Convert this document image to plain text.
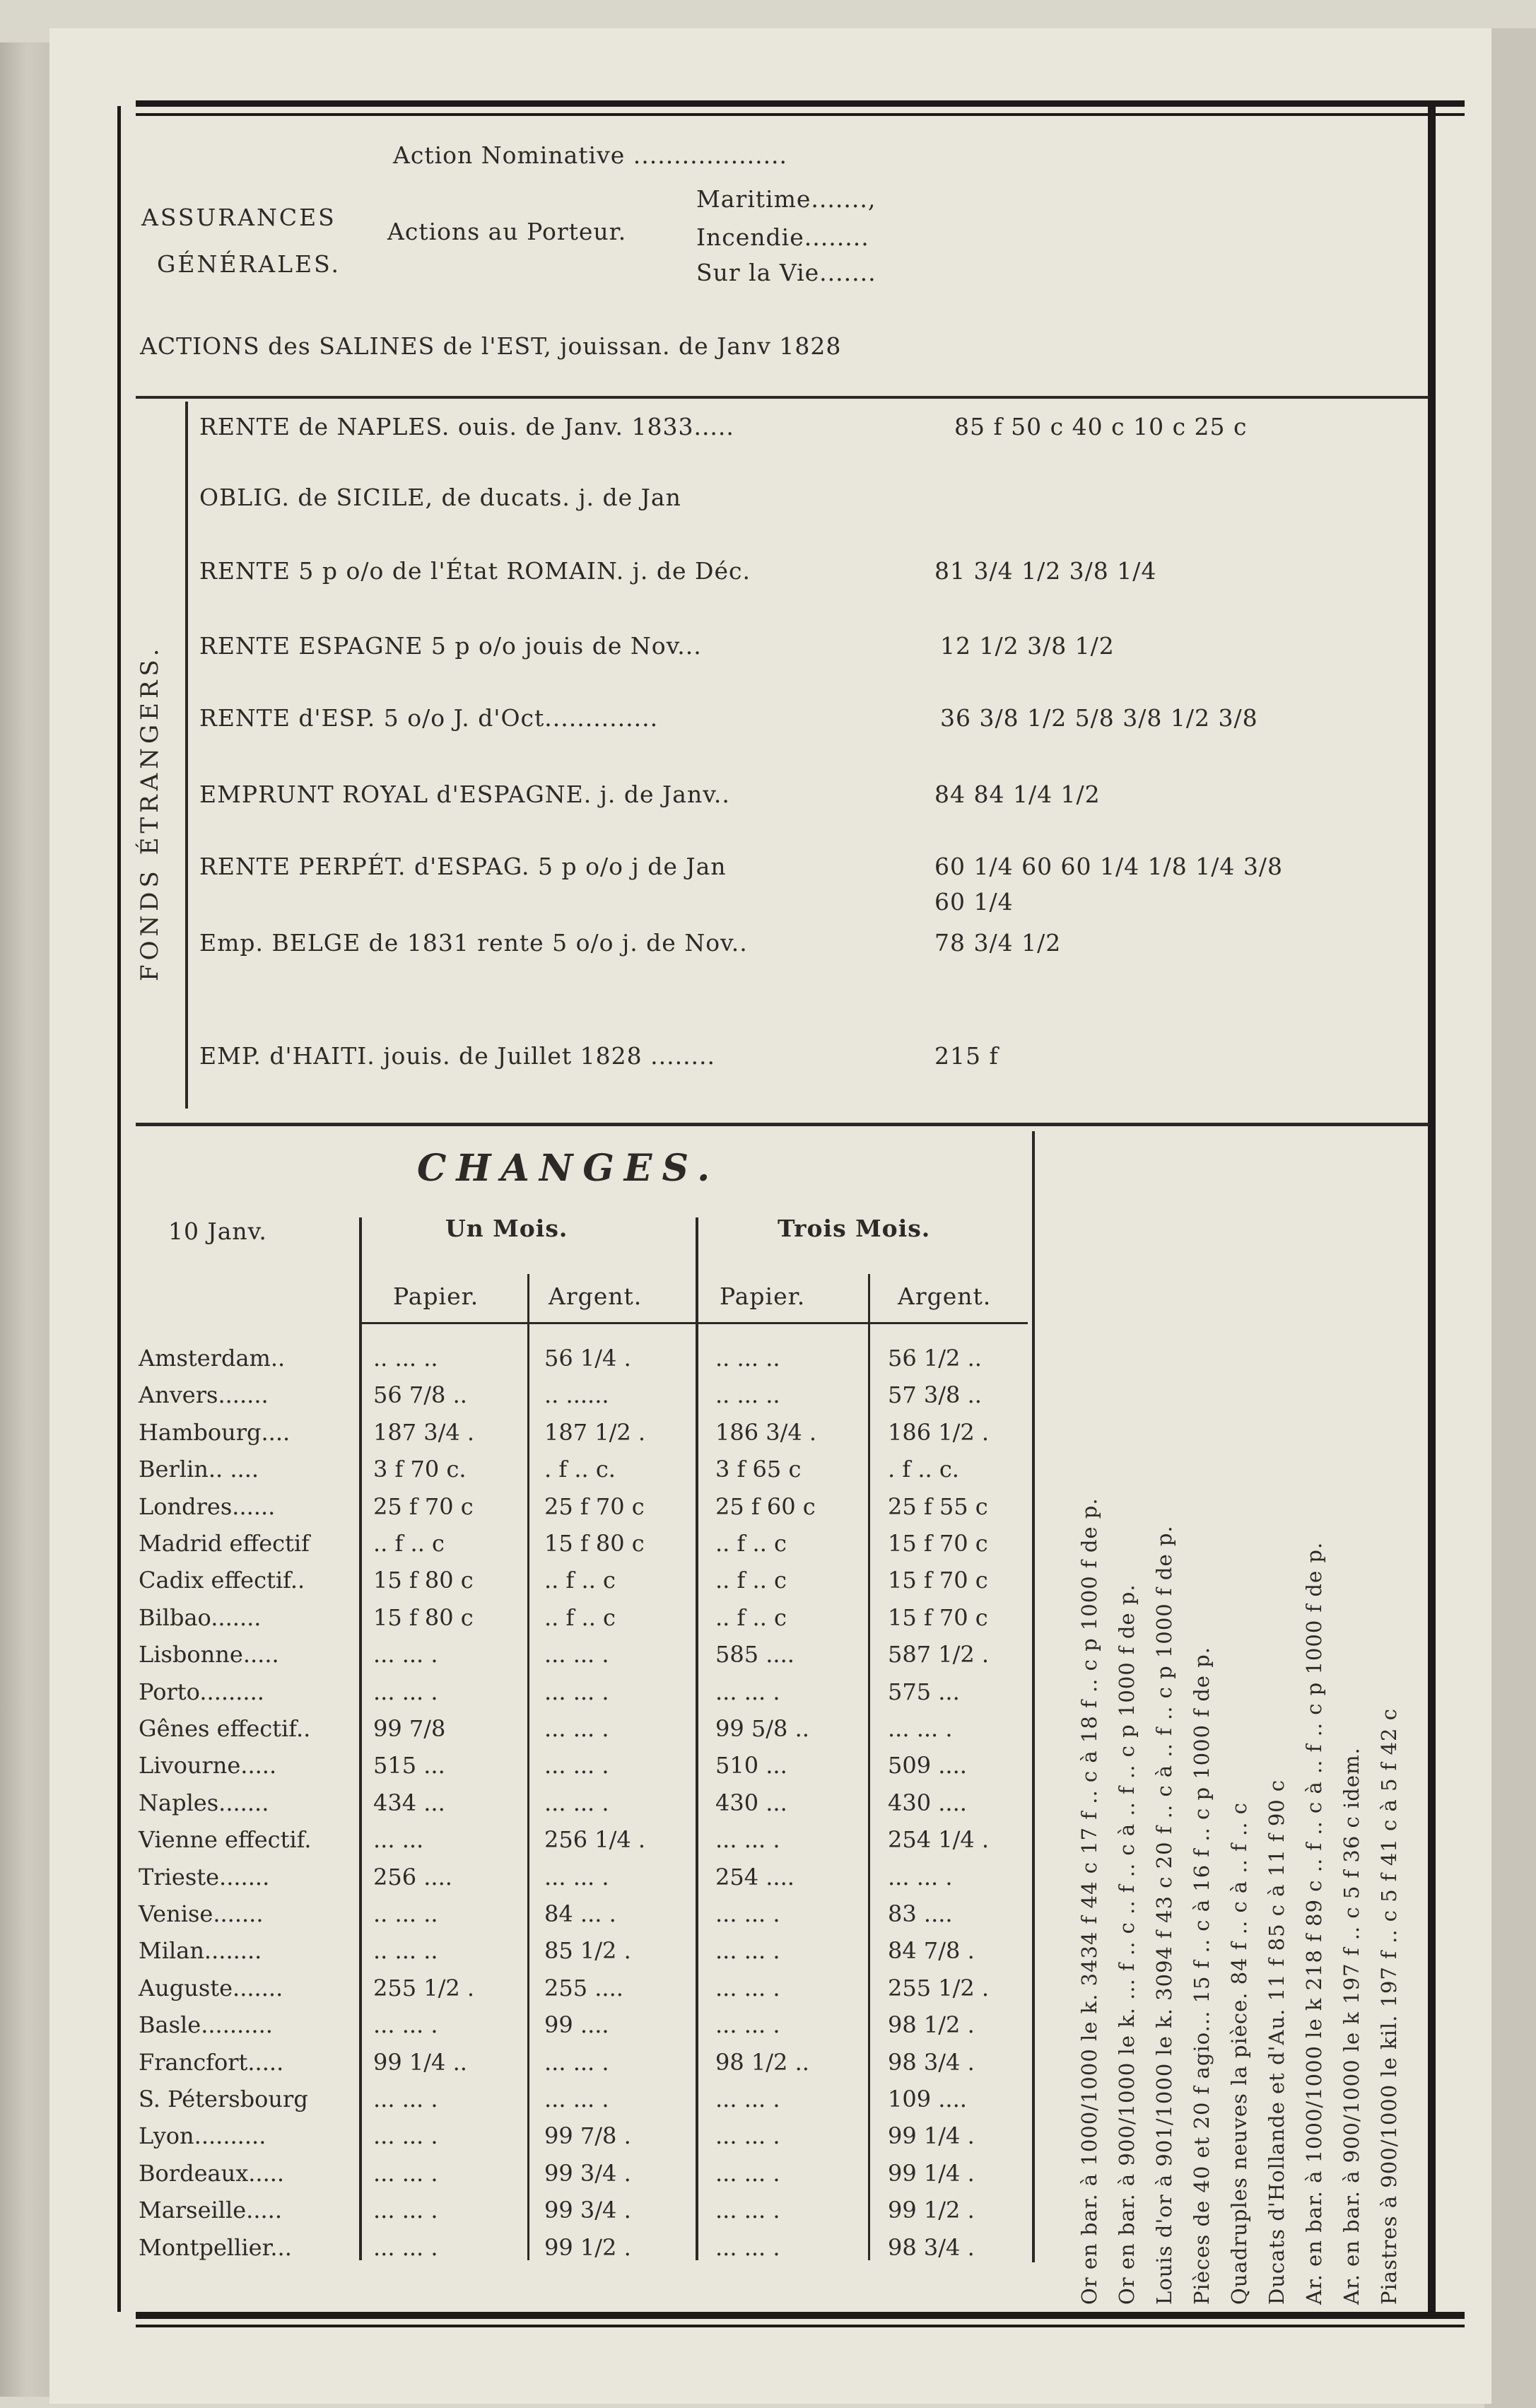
ASSURANCES
GÉNÉRALES.
Action Nominative ...................
Actions au Porteur.
Maritime.......,
Incendie........
Sur la Vie.......
ACTIONS des SALINES de l'EST, jouissan. de Janv 1828
FONDS ÉTRANGERS.
RENTE de NAPLES. ouis. de Janv. 1833.....	85 f 50 c 40 c 10 c 25 c
OBLIG. de SICILE, de ducats. j. de Jan
RENTE 5 p o/o de l'État ROMAIN. j. de Déc.	81 3/4 1/2 3/8 1/4
RENTE ESPAGNE 5 p o/o jouis de Nov...	12 1/2 3/8 1/2
RENTE d'ESP. 5 o/o J. d'Oct..............	36 3/8 1/2 5/8 3/8 1/2 3/8
EMPRUNT ROYAL d'ESPAGNE. j. de Janv..	84 84 1/4 1/2
RENTE PERPÉT. d'ESPAG. 5 p o/o j de Jan	60 1/4 60 60 1/4 1/8 1/4 3/8
60 1/4
Emp. BELGE de 1831 rente 5 o/o j. de Nov..	78 3/4 1/2
EMP. d'HAITI. jouis. de Juillet 1828 ........	215 f
CHANGES.
10 Janv.	Un Mois.	Trois Mois.
Papier.	Argent.	Papier.	Argent.
Amsterdam..	.. ... ..	56 1/4 .	.. ... ..	56 1/2 ..
Anvers.......	56 7/8 ..	.. ......	.. ... ..	57 3/8 ..
Hambourg....	187 3/4 .	187 1/2 .	186 3/4 .	186 1/2 .
Berlin.. ....	3 f 70 c.	. f .. c.	3 f 65 c	. f .. c.
Londres......	25 f 70 c	25 f 70 c	25 f 60 c	25 f 55 c
Madrid effectif	.. f .. c	15 f 80 c	.. f .. c	15 f 70 c
Cadix effectif..	15 f 80 c	.. f .. c	.. f .. c	15 f 70 c
Bilbao.......	15 f 80 c	.. f .. c	.. f .. c	15 f 70 c
Lisbonne.....	... ... .	... ... .	585 ....	587 1/2 .
Porto.........	... ... .	... ... .	... ... .	575 ...
Gênes effectif..	99 7/8	... ... .	99 5/8 ..	... ... .
Livourne.....	515 ...	... ... .	510 ...	509 ....
Naples.......	434 ...	... ... .	430 ...	430 ....
Vienne effectif.	... ...	256 1/4 .	... ... .	254 1/4 .
Trieste.......	256 ....	... ... .	254 ....	... ... .
Venise.......	.. ... ..	84 ... .	... ... .	83 ....
Milan........	.. ... ..	85 1/2 .	... ... .	84 7/8 .
Auguste.......	255 1/2 .	255 ....	... ... .	255 1/2 .
Basle..........	... ... .	99 ....	... ... .	98 1/2 .
Francfort.....	99 1/4 ..	... ... .	98 1/2 ..	98 3/4 .
S. Pétersbourg	... ... .	... ... .	... ... .	109 ....
Lyon..........	... ... .	99 7/8 .	... ... .	99 1/4 .
Bordeaux.....	... ... .	99 3/4 .	... ... .	99 1/4 .
Marseille.....	... ... .	99 3/4 .	... ... .	99 1/2 .
Montpellier...	... ... .	99 1/2 .	... ... .	98 3/4 .	Or en bar. à 1000/1000 le k. 3434 f 44 c 17 f .. c à 18 f .. c p 1000 f de p. Or en bar. à 900/1000 le k. ... f .. c .. f .. c à .. f .. c p 1000 f de p. Louis d'or à 901/1000 le k. 3094 f 43 c 20 f .. c à .. f .. c p 1000 f de p. Pièces de 40 et 20 f agio... 15 f .. c à 16 f .. c p 1000 f de p. Quadruples neuves la pièce. 84 f .. c à .. f .. c Ducats d'Hollande et d'Au. 11 f 85 c à 11 f 90 c Ar. en bar. à 1000/1000 le k 218 f 89 c .. f .. c à .. f .. c p 1000 f de p. Ar. en bar. à 900/1000 le k 197 f .. c 5 f 36 c idem. Piastres à 900/1000 le kil. 197 f .. c 5 f 41 c à 5 f 42 c
